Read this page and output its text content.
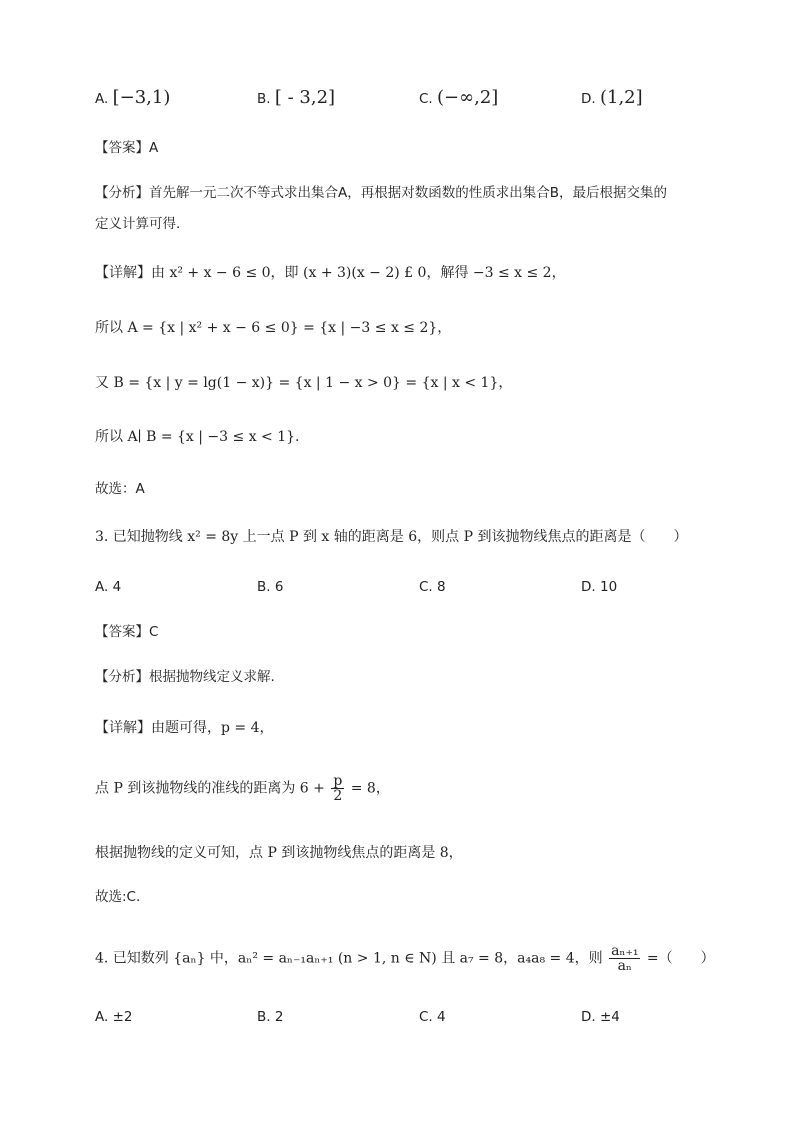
A. [−3,1)	B. [ - 3,2]	C. (−∞,2]	D. (1,2]
【答案】A
【分析】首先解一元二次不等式求出集合A，再根据对数函数的性质求出集合B，最后根据交集的
定义计算可得.
【详解】由 x² + x − 6 ≤ 0，即 (x + 3)(x − 2) £ 0，解得 −3 ≤ x ≤ 2，
所以 A = {x | x² + x − 6 ≤ 0} = {x | −3 ≤ x ≤ 2}，
又 B = {x | y = lg(1 − x)} = {x | 1 − x > 0} = {x | x < 1}，
所以 A∣ B = {x | −3 ≤ x < 1}.
故选：A
3. 已知抛物线 x² = 8y 上一点 P 到 x 轴的距离是 6，则点 P 到该抛物线焦点的距离是（　　）
A. 4	B. 6	C. 8	D. 10
【答案】C
【分析】根据抛物线定义求解.
【详解】由题可得，p = 4，
点 P 到该抛物线的准线的距离为 $6 + \frac{p}{2} = 8$，
根据抛物线的定义可知，点 P 到该抛物线焦点的距离是 8，
故选:C.
4. 已知数列 {aₙ} 中，aₙ² = aₙ₋₁aₙ₊₁ (n > 1, n ∈ N) 且 a₇ = 8，a₄a₈ = 4，则 $\frac{\text{aₙ₊₁}}{\text{aₙ}}$ =（　　）
A. ±2	B. 2	C. 4	D. ±4
